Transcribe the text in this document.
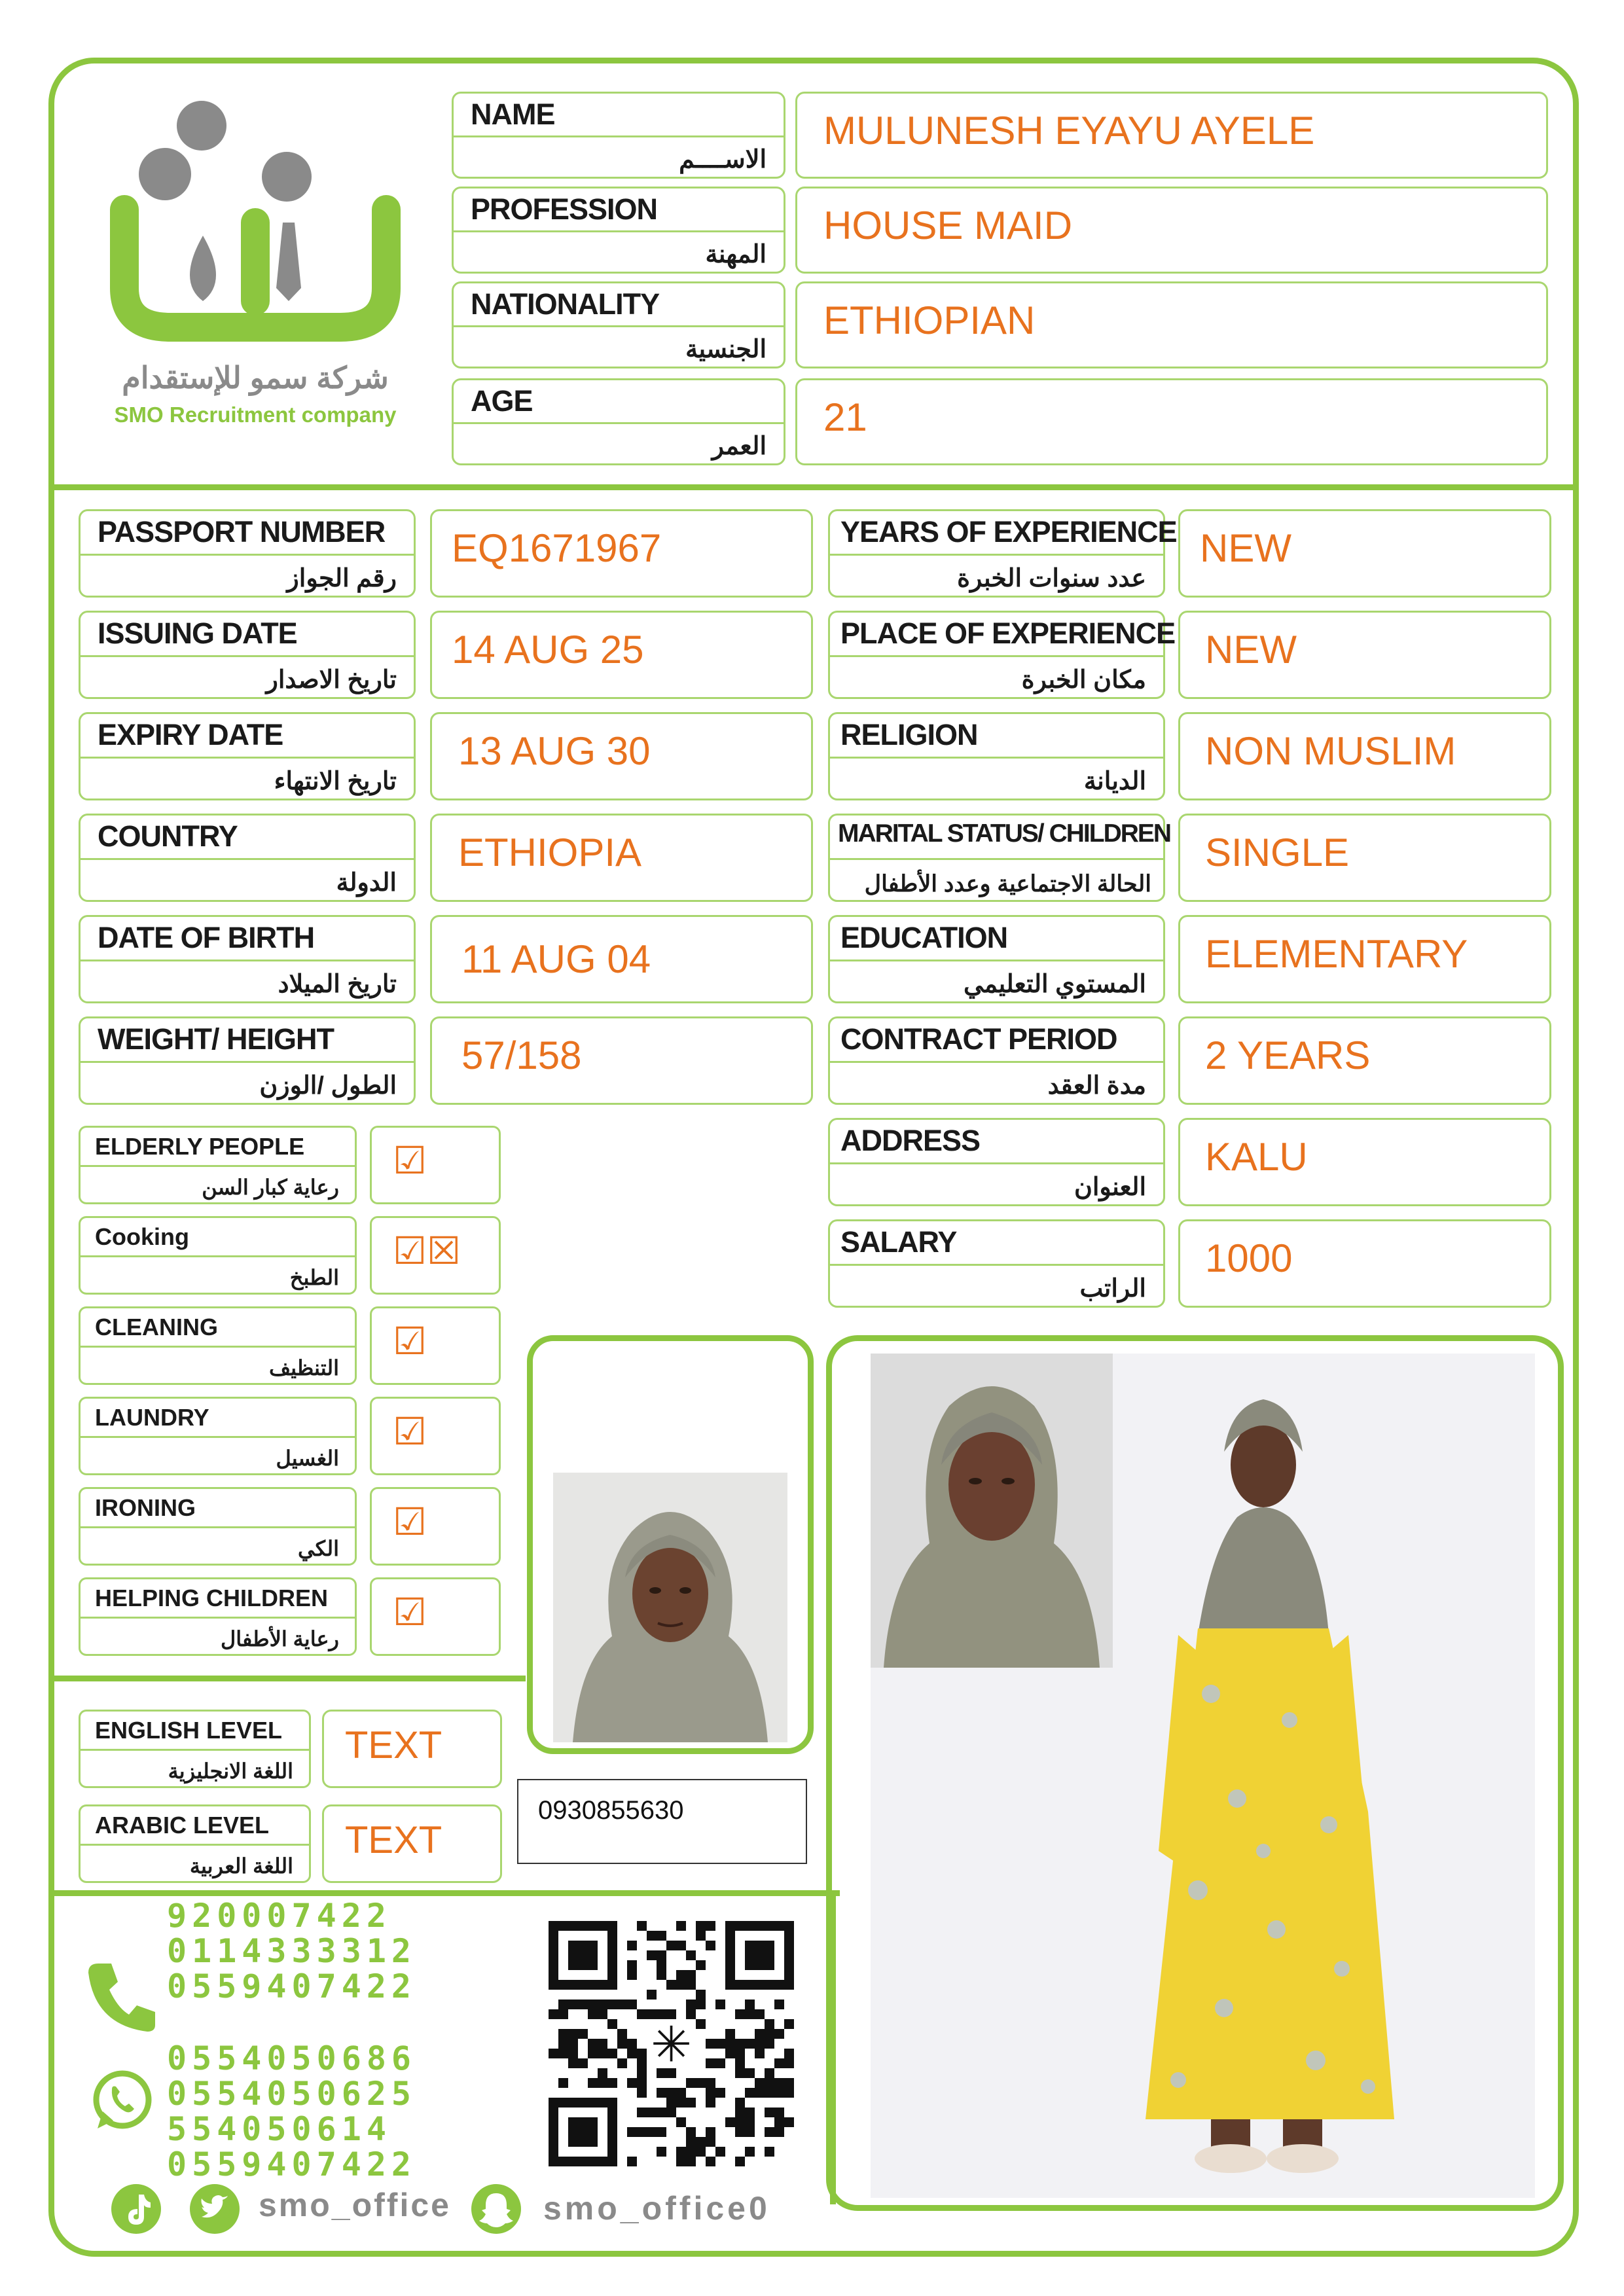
شركة سمو للإستقدام
SMO Recruitment company
NAME
الاســــم
MULUNESH EYAYU AYELE
PROFESSION
المهنة
HOUSE MAID
NATIONALITY
الجنسية
ETHIOPIAN
AGE
العمر
21
PASSPORT NUMBER
رقم الجواز
EQ1671967
ISSUING DATE
تاريخ الاصدار
14 AUG 25
EXPIRY DATE
تاريخ الانتهاء
13 AUG 30
COUNTRY
الدولة
ETHIOPIA
DATE OF BIRTH
تاريخ الميلاد
11 AUG 04
WEIGHT/ HEIGHT
الطول /الوزن
57/158
YEARS OF EXPERIENCE
عدد سنوات الخبرة
NEW
PLACE OF EXPERIENCE
مكان الخبرة
NEW
RELIGION
الديانة
NON MUSLIM
MARITAL STATUS/ CHILDREN
الحالة الاجتماعية وعدد الأطفال
SINGLE
EDUCATION
المستوي التعليمي
ELEMENTARY
CONTRACT PERIOD
مدة العقد
2 YEARS
ADDRESS
العنوان
KALU
SALARY
الراتب
1000
ELDERLY PEOPLE
رعاية كبار السن
☑
Cooking
الطبخ
☑☒
CLEANING
التنظيف
☑
LAUNDRY
الغسيل
☑
IRONING
الكي
☑
HELPING CHILDREN
رعاية الأطفال
☑
ENGLISH LEVEL
اللغة الانجليزية
TEXT
ARABIC LEVEL
اللغة العربية
TEXT
0930855630
920007422
0114333312
0559407422
0554050686
0554050625
554050614
0559407422
smo_office	smo_office0
✳
